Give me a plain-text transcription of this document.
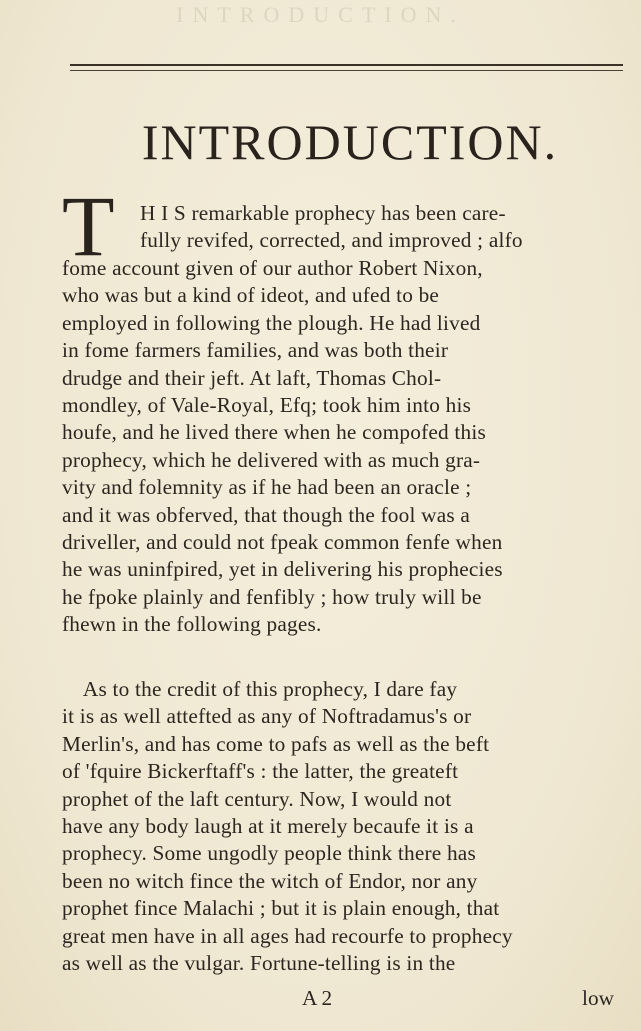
INTRODUCTION.
INTRODUCTION.
T H I S remarkable prophecy has been care-
fully revifed, corrected, and improved ; alfo
fome account given of our author Robert Nixon,
who was but a kind of ideot, and ufed to be
employed in following the plough. He had lived
in fome farmers families, and was both their
drudge and their jeft. At laft, Thomas Chol-
mondley, of Vale-Royal, Efq; took him into his
houfe, and he lived there when he compofed this
prophecy, which he delivered with as much gra-
vity and folemnity as if he had been an oracle ;
and it was obferved, that though the fool was a
driveller, and could not fpeak common fenfe when
he was uninfpired, yet in delivering his prophecies
he fpoke plainly and fenfibly ; how truly will be
fhewn in the following pages.
As to the credit of this prophecy, I dare fay
it is as well attefted as any of Noftradamus's or
Merlin's, and has come to pafs as well as the beft
of 'fquire Bickerftaff's : the latter, the greateft
prophet of the laft century. Now, I would not
have any body laugh at it merely becaufe it is a
prophecy. Some ungodly people think there has
been no witch fince the witch of Endor, nor any
prophet fince Malachi ; but it is plain enough, that
great men have in all ages had recourfe to prophecy
as well as the vulgar. Fortune-telling is in the
A 2	low
